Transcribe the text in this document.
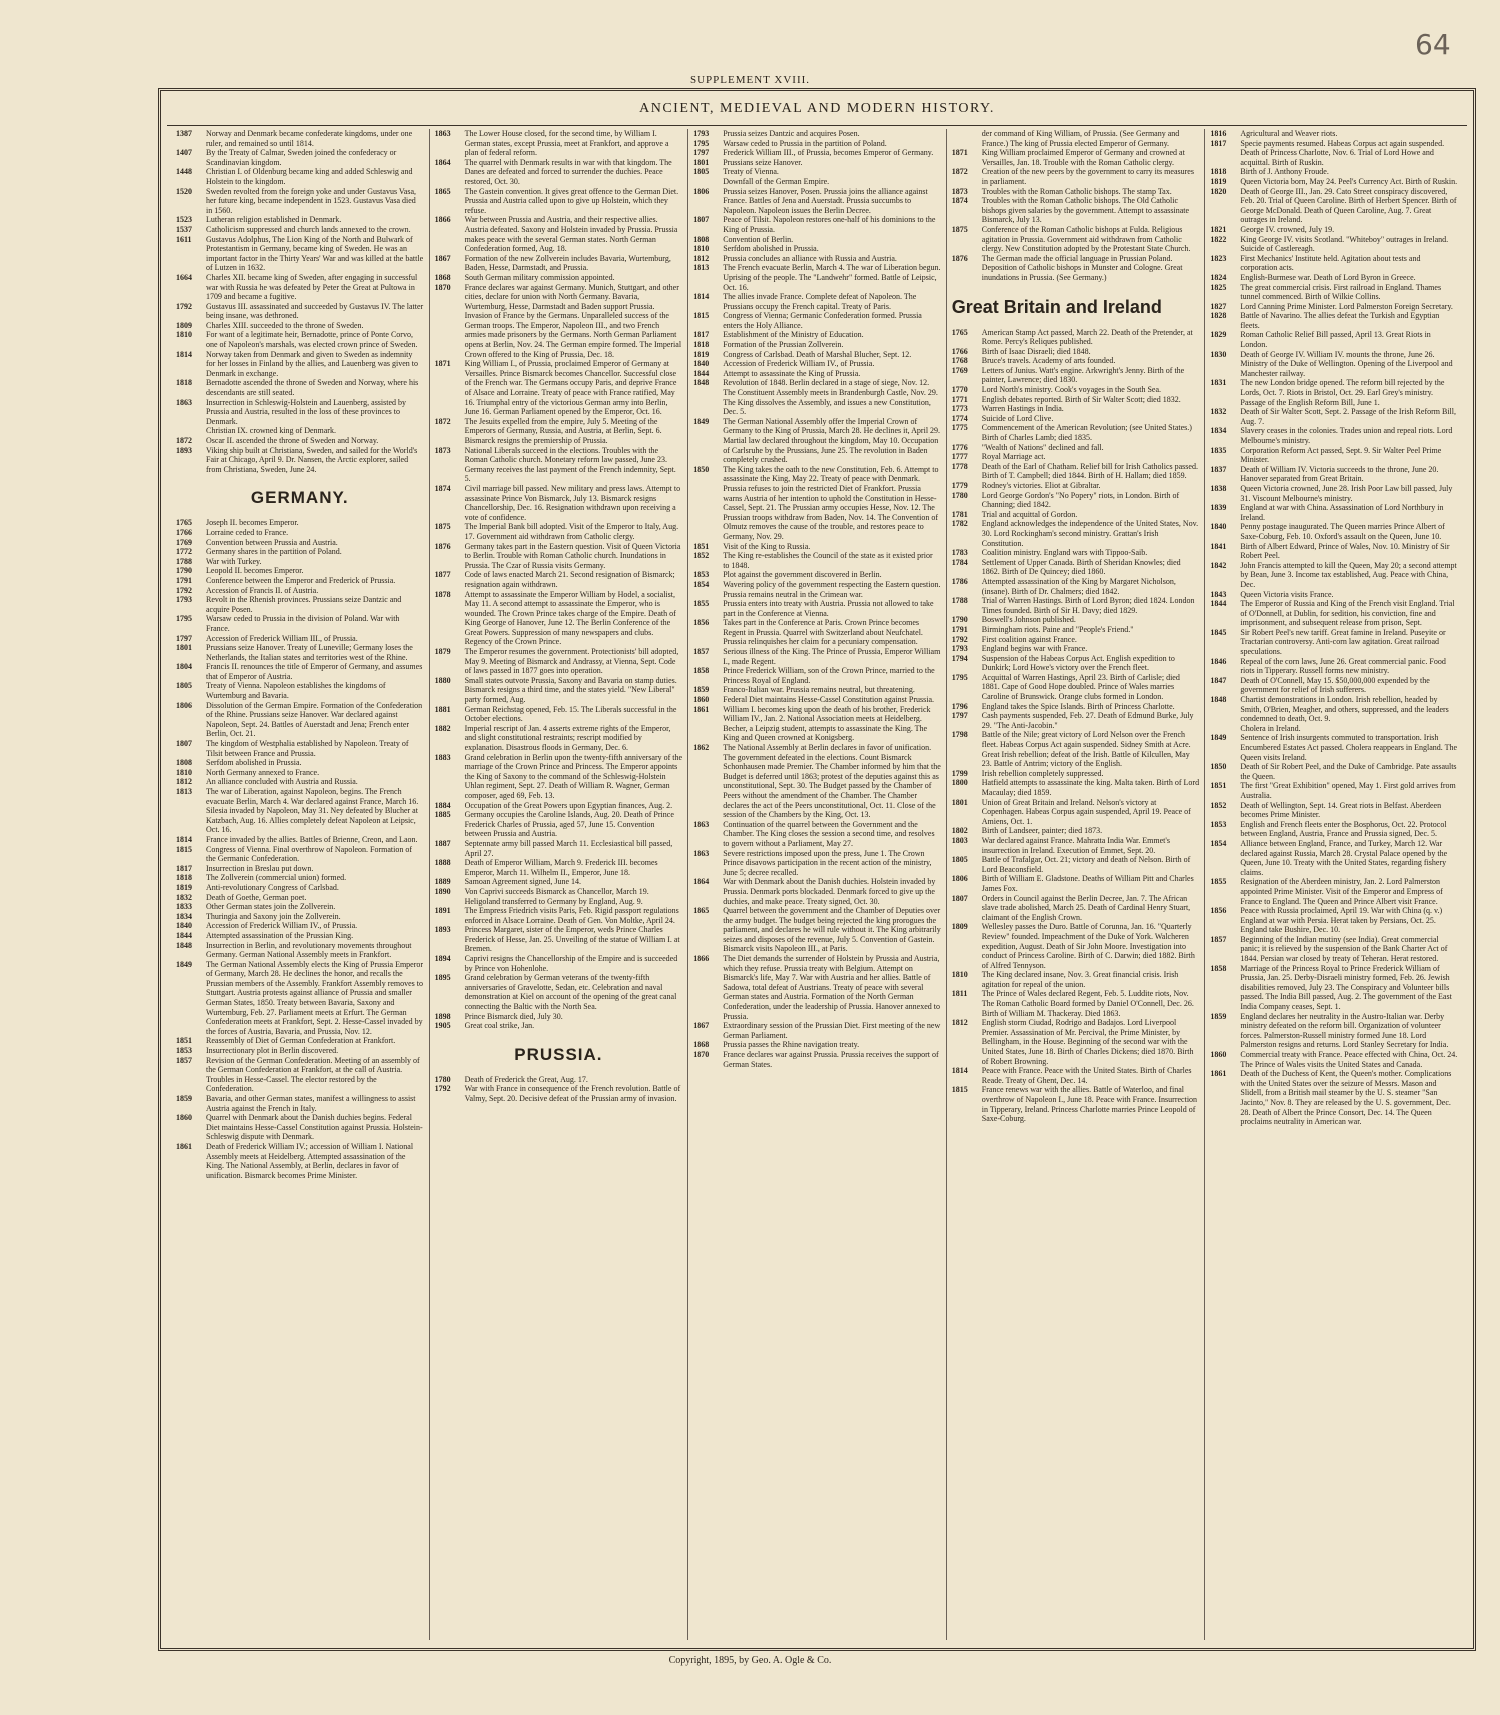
64
SUPPLEMENT XVIII.
ANCIENT, MEDIEVAL AND MODERN HISTORY.
1387	Norway and Denmark became confederate kingdoms, under one ruler, and remained so until 1814.
1407	By the Treaty of Calmar, Sweden joined the confederacy or Scandinavian kingdom.
1448	Christian I. of Oldenburg became king and added Schleswig and Holstein to the kingdom.
1520	Sweden revolted from the foreign yoke and under Gustavus Vasa, her future king, became independent in 1523. Gustavus Vasa died in 1560.
1523	Lutheran religion established in Denmark.
1537	Catholicism suppressed and church lands annexed to the crown.
1611	Gustavus Adolphus, The Lion King of the North and Bulwark of Protestantism in Germany, became king of Sweden. He was an important factor in the Thirty Years' War and was killed at the battle of Lutzen in 1632.
1664	Charles XII. became king of Sweden, after engaging in successful war with Russia he was defeated by Peter the Great at Pultowa in 1709 and became a fugitive.
1792	Gustavus III. assassinated and succeeded by Gustavus IV. The latter being insane, was dethroned.
1809	Charles XIII. succeeded to the throne of Sweden.
1810	For want of a legitimate heir, Bernadotte, prince of Ponte Corvo, one of Napoleon's marshals, was elected crown prince of Sweden.
1814	Norway taken from Denmark and given to Sweden as indemnity for her losses in Finland by the allies, and Lauenberg was given to Denmark in exchange.
1818	Bernadotte ascended the throne of Sweden and Norway, where his descendants are still seated.
1863	Insurrection in Schleswig-Holstein and Lauenberg, assisted by Prussia and Austria, resulted in the loss of these provinces to Denmark.
Christian IX. crowned king of Denmark.
1872	Oscar II. ascended the throne of Sweden and Norway.
1893	Viking ship built at Christiana, Sweden, and sailed for the World's Fair at Chicago, April 9. Dr. Nansen, the Arctic explorer, sailed from Christiana, Sweden, June 24.
GERMANY.
1765	Joseph II. becomes Emperor.
1766	Lorraine ceded to France.
1769	Convention between Prussia and Austria.
1772	Germany shares in the partition of Poland.
1788	War with Turkey.
1790	Leopold II. becomes Emperor.
1791	Conference between the Emperor and Frederick of Prussia.
1792	Accession of Francis II. of Austria.
1793	Revolt in the Rhenish provinces. Prussians seize Dantzic and acquire Posen.
1795	Warsaw ceded to Prussia in the division of Poland. War with France.
1797	Accession of Frederick William III., of Prussia.
1801	Prussians seize Hanover. Treaty of Luneville; Germany loses the Netherlands, the Italian states and territories west of the Rhine.
1804	Francis II. renounces the title of Emperor of Germany, and assumes that of Emperor of Austria.
1805	Treaty of Vienna. Napoleon establishes the kingdoms of Wurtemburg and Bavaria.
1806	Dissolution of the German Empire. Formation of the Confederation of the Rhine. Prussians seize Hanover. War declared against Napoleon, Sept. 24. Battles of Auerstadt and Jena; French enter Berlin, Oct. 21.
1807	The kingdom of Westphalia established by Napoleon. Treaty of Tilsit between France and Prussia.
1808	Serfdom abolished in Prussia.
1810	North Germany annexed to France.
1812	An alliance concluded with Austria and Russia.
1813	The war of Liberation, against Napoleon, begins. The French evacuate Berlin, March 4. War declared against France, March 16. Silesia invaded by Napoleon, May 31. Ney defeated by Blucher at Katzbach, Aug. 16. Allies completely defeat Napoleon at Leipsic, Oct. 16.
1814	France invaded by the allies. Battles of Brienne, Creon, and Laon.
1815	Congress of Vienna. Final overthrow of Napoleon. Formation of the Germanic Confederation.
1817	Insurrection in Breslau put down.
1818	The Zollverein (commercial union) formed.
1819	Anti-revolutionary Congress of Carlsbad.
1832	Death of Goethe, German poet.
1833	Other German states join the Zollverein.
1834	Thuringia and Saxony join the Zollverein.
1840	Accession of Frederick William IV., of Prussia.
1844	Attempted assassination of the Prussian King.
1848	Insurrection in Berlin, and revolutionary movements throughout Germany. German National Assembly meets in Frankfort.
1849	The German National Assembly elects the King of Prussia Emperor of Germany, March 28. He declines the honor, and recalls the Prussian members of the Assembly. Frankfort Assembly removes to Stuttgart. Austria protests against alliance of Prussia and smaller German States, 1850. Treaty between Bavaria, Saxony and Wurtemburg, Feb. 27. Parliament meets at Erfurt. The German Confederation meets at Frankfort, Sept. 2. Hesse-Cassel invaded by the forces of Austria, Bavaria, and Prussia, Nov. 12.
1851	Reassembly of Diet of German Confederation at Frankfort.
1853	Insurrectionary plot in Berlin discovered.
1857	Revision of the German Confederation. Meeting of an assembly of the German Confederation at Frankfort, at the call of Austria. Troubles in Hesse-Cassel. The elector restored by the Confederation.
1859	Bavaria, and other German states, manifest a willingness to assist Austria against the French in Italy.
1860	Quarrel with Denmark about the Danish duchies begins. Federal Diet maintains Hesse-Cassel Constitution against Prussia. Holstein-Schleswig dispute with Denmark.
1861	Death of Frederick William IV.; accession of William I. National Assembly meets at Heidelberg. Attempted assassination of the King. The National Assembly, at Berlin, declares in favor of unification. Bismarck becomes Prime Minister.
1863	The Lower House closed, for the second time, by William I. German states, except Prussia, meet at Frankfort, and approve a plan of federal reform.
1864	The quarrel with Denmark results in war with that kingdom. The Danes are defeated and forced to surrender the duchies. Peace restored, Oct. 30.
1865	The Gastein convention. It gives great offence to the German Diet. Prussia and Austria called upon to give up Holstein, which they refuse.
1866	War between Prussia and Austria, and their respective allies. Austria defeated. Saxony and Holstein invaded by Prussia. Prussia makes peace with the several German states. North German Confederation formed, Aug. 18.
1867	Formation of the new Zollverein includes Bavaria, Wurtemburg, Baden, Hesse, Darmstadt, and Prussia.
1868	South German military commission appointed.
1870	France declares war against Germany. Munich, Stuttgart, and other cities, declare for union with North Germany. Bavaria, Wurtemburg, Hesse, Darmstadt and Baden support Prussia. Invasion of France by the Germans. Unparalleled success of the German troops. The Emperor, Napoleon III., and two French armies made prisoners by the Germans. North German Parliament opens at Berlin, Nov. 24. The German empire formed. The Imperial Crown offered to the King of Prussia, Dec. 18.
1871	King William I., of Prussia, proclaimed Emperor of Germany at Versailles. Prince Bismarck becomes Chancellor. Successful close of the French war. The Germans occupy Paris, and deprive France of Alsace and Lorraine. Treaty of peace with France ratified, May 16. Triumphal entry of the victorious German army into Berlin, June 16. German Parliament opened by the Emperor, Oct. 16.
1872	The Jesuits expelled from the empire, July 5. Meeting of the Emperors of Germany, Russia, and Austria, at Berlin, Sept. 6. Bismarck resigns the premiership of Prussia.
1873	National Liberals succeed in the elections. Troubles with the Roman Catholic church. Monetary reform law passed, June 23. Germany receives the last payment of the French indemnity, Sept. 5.
1874	Civil marriage bill passed. New military and press laws. Attempt to assassinate Prince Von Bismarck, July 13. Bismarck resigns Chancellorship, Dec. 16. Resignation withdrawn upon receiving a vote of confidence.
1875	The Imperial Bank bill adopted. Visit of the Emperor to Italy, Aug. 17. Government aid withdrawn from Catholic clergy.
1876	Germany takes part in the Eastern question. Visit of Queen Victoria to Berlin. Trouble with Roman Catholic church. Inundations in Prussia. The Czar of Russia visits Germany.
1877	Code of laws enacted March 21. Second resignation of Bismarck; resignation again withdrawn.
1878	Attempt to assassinate the Emperor William by Hodel, a socialist, May 11. A second attempt to assassinate the Emperor, who is wounded. The Crown Prince takes charge of the Empire. Death of King George of Hanover, June 12. The Berlin Conference of the Great Powers. Suppression of many newspapers and clubs. Regency of the Crown Prince.
1879	The Emperor resumes the government. Protectionists' bill adopted, May 9. Meeting of Bismarck and Andrassy, at Vienna, Sept. Code of laws passed in 1877 goes into operation.
1880	Small states outvote Prussia, Saxony and Bavaria on stamp duties. Bismarck resigns a third time, and the states yield. "New Liberal" party formed, Aug.
1881	German Reichstag opened, Feb. 15. The Liberals successful in the October elections.
1882	Imperial rescript of Jan. 4 asserts extreme rights of the Emperor, and slight constitutional restraints; rescript modified by explanation. Disastrous floods in Germany, Dec. 6.
1883	Grand celebration in Berlin upon the twenty-fifth anniversary of the marriage of the Crown Prince and Princess. The Emperor appoints the King of Saxony to the command of the Schleswig-Holstein Uhlan regiment, Sept. 27. Death of William R. Wagner, German composer, aged 69, Feb. 13.
1884	Occupation of the Great Powers upon Egyptian finances, Aug. 2.
1885	Germany occupies the Caroline Islands, Aug. 20. Death of Prince Frederick Charles of Prussia, aged 57, June 15. Convention between Prussia and Austria.
1887	Septennate army bill passed March 11. Ecclesiastical bill passed, April 27.
1888	Death of Emperor William, March 9. Frederick III. becomes Emperor, March 11. Wilhelm II., Emperor, June 18.
1889	Samoan Agreement signed, June 14.
1890	Von Caprivi succeeds Bismarck as Chancellor, March 19. Heligoland transferred to Germany by England, Aug. 9.
1891	The Empress Friedrich visits Paris, Feb. Rigid passport regulations enforced in Alsace Lorraine. Death of Gen. Von Moltke, April 24.
1893	Princess Margaret, sister of the Emperor, weds Prince Charles Frederick of Hesse, Jan. 25. Unveiling of the statue of William I. at Bremen.
1894	Caprivi resigns the Chancellorship of the Empire and is succeeded by Prince von Hohenlohe.
1895	Grand celebration by German veterans of the twenty-fifth anniversaries of Gravelotte, Sedan, etc. Celebration and naval demonstration at Kiel on account of the opening of the great canal connecting the Baltic with the North Sea.
1898	Prince Bismarck died, July 30.
1905	Great coal strike, Jan.
PRUSSIA.
1780	Death of Frederick the Great, Aug. 17.
1792	War with France in consequence of the French revolution. Battle of Valmy, Sept. 20. Decisive defeat of the Prussian army of invasion.
1793	Prussia seizes Dantzic and acquires Posen.
1795	Warsaw ceded to Prussia in the partition of Poland.
1797	Frederick William III., of Prussia, becomes Emperor of Germany.
1801	Prussians seize Hanover.
1805	Treaty of Vienna.
Downfall of the German Empire.
1806	Prussia seizes Hanover, Posen. Prussia joins the alliance against France. Battles of Jena and Auerstadt. Prussia succumbs to Napoleon. Napoleon issues the Berlin Decree.
1807	Peace of Tilsit. Napoleon restores one-half of his dominions to the King of Prussia.
1808	Convention of Berlin.
1810	Serfdom abolished in Prussia.
1812	Prussia concludes an alliance with Russia and Austria.
1813	The French evacuate Berlin, March 4. The war of Liberation begun. Uprising of the people. The "Landwehr" formed. Battle of Leipsic, Oct. 16.
1814	The allies invade France. Complete defeat of Napoleon. The Prussians occupy the French capital. Treaty of Paris.
1815	Congress of Vienna; Germanic Confederation formed. Prussia enters the Holy Alliance.
1817	Establishment of the Ministry of Education.
1818	Formation of the Prussian Zollverein.
1819	Congress of Carlsbad. Death of Marshal Blucher, Sept. 12.
1840	Accession of Frederick William IV., of Prussia.
1844	Attempt to assassinate the King of Prussia.
1848	Revolution of 1848. Berlin declared in a stage of siege, Nov. 12. The Constituent Assembly meets in Brandenburgh Castle, Nov. 29. The King dissolves the Assembly, and issues a new Constitution, Dec. 5.
1849	The German National Assembly offer the Imperial Crown of Germany to the King of Prussia, March 28. He declines it, April 29. Martial law declared throughout the kingdom, May 10. Occupation of Carlsruhe by the Prussians, June 25. The revolution in Baden completely crushed.
1850	The King takes the oath to the new Constitution, Feb. 6. Attempt to assassinate the King, May 22. Treaty of peace with Denmark. Prussia refuses to join the restricted Diet of Frankfort. Prussia warns Austria of her intention to uphold the Constitution in Hesse-Cassel, Sept. 21. The Prussian army occupies Hesse, Nov. 12. The Prussian troops withdraw from Baden, Nov. 14. The Convention of Olmutz removes the cause of the trouble, and restores peace to Germany, Nov. 29.
1851	Visit of the King to Russia.
1852	The King re-establishes the Council of the state as it existed prior to 1848.
1853	Plot against the government discovered in Berlin.
1854	Wavering policy of the government respecting the Eastern question. Prussia remains neutral in the Crimean war.
1855	Prussia enters into treaty with Austria. Prussia not allowed to take part in the Conference at Vienna.
1856	Takes part in the Conference at Paris. Crown Prince becomes Regent in Prussia. Quarrel with Switzerland about Neufchatel. Prussia relinquishes her claim for a pecuniary compensation.
1857	Serious illness of the King. The Prince of Prussia, Emperor William I., made Regent.
1858	Prince Frederick William, son of the Crown Prince, married to the Princess Royal of England.
1859	Franco-Italian war. Prussia remains neutral, but threatening.
1860	Federal Diet maintains Hesse-Cassel Constitution against Prussia.
1861	William I. becomes king upon the death of his brother, Frederick William IV., Jan. 2. National Association meets at Heidelberg. Becher, a Leipzig student, attempts to assassinate the King. The King and Queen crowned at Konigsberg.
1862	The National Assembly at Berlin declares in favor of unification. The government defeated in the elections. Count Bismarck Schonhausen made Premier. The Chamber informed by him that the Budget is deferred until 1863; protest of the deputies against this as unconstitutional, Sept. 30. The Budget passed by the Chamber of Peers without the amendment of the Chamber. The Chamber declares the act of the Peers unconstitutional, Oct. 11. Close of the session of the Chambers by the King, Oct. 13.
1863	Continuation of the quarrel between the Government and the Chamber. The King closes the session a second time, and resolves to govern without a Parliament, May 27.
1863	Severe restrictions imposed upon the press, June 1. The Crown Prince disavows participation in the recent action of the ministry, June 5; decree recalled.
1864	War with Denmark about the Danish duchies. Holstein invaded by Prussia. Denmark ports blockaded. Denmark forced to give up the duchies, and make peace. Treaty signed, Oct. 30.
1865	Quarrel between the government and the Chamber of Deputies over the army budget. The budget being rejected the king prorogues the parliament, and declares he will rule without it. The King arbitrarily seizes and disposes of the revenue, July 5. Convention of Gastein. Bismarck visits Napoleon III., at Paris.
1866	The Diet demands the surrender of Holstein by Prussia and Austria, which they refuse. Prussia treaty with Belgium. Attempt on Bismarck's life, May 7. War with Austria and her allies. Battle of Sadowa, total defeat of Austrians. Treaty of peace with several German states and Austria. Formation of the North German Confederation, under the leadership of Prussia. Hanover annexed to Prussia.
1867	Extraordinary session of the Prussian Diet. First meeting of the new German Parliament.
1868	Prussia passes the Rhine navigation treaty.
1870	France declares war against Prussia. Prussia receives the support of German States.
der command of King William, of Prussia. (See Germany and France.) The king of Prussia elected Emperor of Germany.
1871	King William proclaimed Emperor of Germany and crowned at Versailles, Jan. 18. Trouble with the Roman Catholic clergy.
1872	Creation of the new peers by the government to carry its measures in parliament.
1873	Troubles with the Roman Catholic bishops. The stamp Tax.
1874	Troubles with the Roman Catholic bishops. The Old Catholic bishops given salaries by the government. Attempt to assassinate Bismarck, July 13.
1875	Conference of the Roman Catholic bishops at Fulda. Religious agitation in Prussia. Government aid withdrawn from Catholic clergy. New Constitution adopted by the Protestant State Church.
1876	The German made the official language in Prussian Poland. Deposition of Catholic bishops in Munster and Cologne. Great inundations in Prussia. (See Germany.)
Great Britain and Ireland
1765	American Stamp Act passed, March 22. Death of the Pretender, at Rome. Percy's Reliques published.
1766	Birth of Isaac Disraeli; died 1848.
1768	Bruce's travels. Academy of arts founded.
1769	Letters of Junius. Watt's engine. Arkwright's Jenny. Birth of the painter, Lawrence; died 1830.
1770	Lord North's ministry. Cook's voyages in the South Sea.
1771	English debates reported. Birth of Sir Walter Scott; died 1832.
1773	Warren Hastings in India.
1774	Suicide of Lord Clive.
1775	Commencement of the American Revolution; (see United States.) Birth of Charles Lamb; died 1835.
1776	"Wealth of Nations" declined and fall.
1777	Royal Marriage act.
1778	Death of the Earl of Chatham. Relief bill for Irish Catholics passed. Birth of T. Campbell; died 1844. Birth of H. Hallam; died 1859.
1779	Rodney's victories. Eliot at Gibraltar.
1780	Lord George Gordon's "No Popery" riots, in London. Birth of Channing; died 1842.
1781	Trial and acquittal of Gordon.
1782	England acknowledges the independence of the United States, Nov. 30. Lord Rockingham's second ministry. Grattan's Irish Constitution.
1783	Coalition ministry. England wars with Tippoo-Saib.
1784	Settlement of Upper Canada. Birth of Sheridan Knowles; died 1862. Birth of De Quincey; died 1860.
1786	Attempted assassination of the King by Margaret Nicholson, (insane). Birth of Dr. Chalmers; died 1842.
1788	Trial of Warren Hastings. Birth of Lord Byron; died 1824. London Times founded. Birth of Sir H. Davy; died 1829.
1790	Boswell's Johnson published.
1791	Birmingham riots. Paine and "People's Friend."
1792	First coalition against France.
1793	England begins war with France.
1794	Suspension of the Habeas Corpus Act. English expedition to Dunkirk; Lord Howe's victory over the French fleet.
1795	Acquittal of Warren Hastings, April 23. Birth of Carlisle; died 1881. Cape of Good Hope doubled. Prince of Wales marries Caroline of Brunswick. Orange clubs formed in London.
1796	England takes the Spice Islands. Birth of Princess Charlotte.
1797	Cash payments suspended, Feb. 27. Death of Edmund Burke, July 29. "The Anti-Jacobin."
1798	Battle of the Nile; great victory of Lord Nelson over the French fleet. Habeas Corpus Act again suspended. Sidney Smith at Acre. Great Irish rebellion; defeat of the Irish. Battle of Kilcullen, May 23. Battle of Antrim; victory of the English.
1799	Irish rebellion completely suppressed.
1800	Hatfield attempts to assassinate the king. Malta taken. Birth of Lord Macaulay; died 1859.
1801	Union of Great Britain and Ireland. Nelson's victory at Copenhagen. Habeas Corpus again suspended, April 19. Peace of Amiens, Oct. 1.
1802	Birth of Landseer, painter; died 1873.
1803	War declared against France. Mahratta India War. Emmet's insurrection in Ireland. Execution of Emmet, Sept. 20.
1805	Battle of Trafalgar, Oct. 21; victory and death of Nelson. Birth of Lord Beaconsfield.
1806	Birth of William E. Gladstone. Deaths of William Pitt and Charles James Fox.
1807	Orders in Council against the Berlin Decree, Jan. 7. The African slave trade abolished, March 25. Death of Cardinal Henry Stuart, claimant of the English Crown.
1809	Wellesley passes the Duro. Battle of Corunna, Jan. 16. "Quarterly Review" founded. Impeachment of the Duke of York. Walcheren expedition, August. Death of Sir John Moore. Investigation into conduct of Princess Caroline. Birth of C. Darwin; died 1882. Birth of Alfred Tennyson.
1810	The King declared insane, Nov. 3. Great financial crisis. Irish agitation for repeal of the union.
1811	The Prince of Wales declared Regent, Feb. 5. Luddite riots, Nov. The Roman Catholic Board formed by Daniel O'Connell, Dec. 26. Birth of William M. Thackeray. Died 1863.
1812	English storm Ciudad, Rodrigo and Badajos. Lord Liverpool Premier. Assassination of Mr. Percival, the Prime Minister, by Bellingham, in the House. Beginning of the second war with the United States, June 18. Birth of Charles Dickens; died 1870. Birth of Robert Browning.
1814	Peace with France. Peace with the United States. Birth of Charles Reade. Treaty of Ghent, Dec. 14.
1815	France renews war with the allies. Battle of Waterloo, and final overthrow of Napoleon I., June 18. Peace with France. Insurrection in Tipperary, Ireland. Princess Charlotte marries Prince Leopold of Saxe-Coburg.
1816	Agricultural and Weaver riots.
1817	Specie payments resumed. Habeas Corpus act again suspended. Death of Princess Charlotte, Nov. 6. Trial of Lord Howe and acquittal. Birth of Ruskin.
1818	Birth of J. Anthony Froude.
1819	Queen Victoria born, May 24. Peel's Currency Act. Birth of Ruskin.
1820	Death of George III., Jan. 29. Cato Street conspiracy discovered, Feb. 20. Trial of Queen Caroline. Birth of Herbert Spencer. Birth of George McDonald. Death of Queen Caroline, Aug. 7. Great outrages in Ireland.
1821	George IV. crowned, July 19.
1822	King George IV. visits Scotland. "Whiteboy" outrages in Ireland. Suicide of Castlereagh.
1823	First Mechanics' Institute held. Agitation about tests and corporation acts.
1824	English-Burmese war. Death of Lord Byron in Greece.
1825	The great commercial crisis. First railroad in England. Thames tunnel commenced. Birth of Wilkie Collins.
1827	Lord Canning Prime Minister. Lord Palmerston Foreign Secretary.
1828	Battle of Navarino. The allies defeat the Turkish and Egyptian fleets.
1829	Roman Catholic Relief Bill passed, April 13. Great Riots in London.
1830	Death of George IV. William IV. mounts the throne, June 26. Ministry of the Duke of Wellington. Opening of the Liverpool and Manchester railway.
1831	The new London bridge opened. The reform bill rejected by the Lords, Oct. 7. Riots in Bristol, Oct. 29. Earl Grey's ministry. Passage of the English Reform Bill, June 1.
1832	Death of Sir Walter Scott, Sept. 2. Passage of the Irish Reform Bill, Aug. 7.
1834	Slavery ceases in the colonies. Trades union and repeal riots. Lord Melbourne's ministry.
1835	Corporation Reform Act passed, Sept. 9. Sir Walter Peel Prime Minister.
1837	Death of William IV. Victoria succeeds to the throne, June 20. Hanover separated from Great Britain.
1838	Queen Victoria crowned, June 28. Irish Poor Law bill passed, July 31. Viscount Melbourne's ministry.
1839	England at war with China. Assassination of Lord Northbury in Ireland.
1840	Penny postage inaugurated. The Queen marries Prince Albert of Saxe-Coburg, Feb. 10. Oxford's assault on the Queen, June 10.
1841	Birth of Albert Edward, Prince of Wales, Nov. 10. Ministry of Sir Robert Peel.
1842	John Francis attempted to kill the Queen, May 20; a second attempt by Bean, June 3. Income tax established, Aug. Peace with China, Dec.
1843	Queen Victoria visits France.
1844	The Emperor of Russia and King of the French visit England. Trial of O'Donnell, at Dublin, for sedition, his conviction, fine and imprisonment, and subsequent release from prison, Sept.
1845	Sir Robert Peel's new tariff. Great famine in Ireland. Puseyite or Tractarian controversy. Anti-corn law agitation. Great railroad speculations.
1846	Repeal of the corn laws, June 26. Great commercial panic. Food riots in Tipperary. Russell forms new ministry.
1847	Death of O'Connell, May 15. $50,000,000 expended by the government for relief of Irish sufferers.
1848	Chartist demonstrations in London. Irish rebellion, headed by Smith, O'Brien, Meagher, and others, suppressed, and the leaders condemned to death, Oct. 9.
Cholera in Ireland.
1849	Sentence of Irish insurgents commuted to transportation. Irish Encumbered Estates Act passed. Cholera reappears in England. The Queen visits Ireland.
1850	Death of Sir Robert Peel, and the Duke of Cambridge. Pate assaults the Queen.
1851	The first "Great Exhibition" opened, May 1. First gold arrives from Australia.
1852	Death of Wellington, Sept. 14. Great riots in Belfast. Aberdeen becomes Prime Minister.
1853	English and French fleets enter the Bosphorus, Oct. 22. Protocol between England, Austria, France and Prussia signed, Dec. 5.
1854	Alliance between England, France, and Turkey, March 12. War declared against Russia, March 28. Crystal Palace opened by the Queen, June 10. Treaty with the United States, regarding fishery claims.
1855	Resignation of the Aberdeen ministry, Jan. 2. Lord Palmerston appointed Prime Minister. Visit of the Emperor and Empress of France to England. The Queen and Prince Albert visit France.
1856	Peace with Russia proclaimed, April 19. War with China (q. v.) England at war with Persia. Herat taken by Persians, Oct. 25. England take Bushire, Dec. 10.
1857	Beginning of the Indian mutiny (see India). Great commercial panic; it is relieved by the suspension of the Bank Charter Act of 1844. Persian war closed by treaty of Teheran. Herat restored.
1858	Marriage of the Princess Royal to Prince Frederick William of Prussia, Jan. 25. Derby-Disraeli ministry formed, Feb. 26. Jewish disabilities removed, July 23. The Conspiracy and Volunteer bills passed. The India Bill passed, Aug. 2. The government of the East India Company ceases, Sept. 1.
1859	England declares her neutrality in the Austro-Italian war. Derby ministry defeated on the reform bill. Organization of volunteer forces. Palmerston-Russell ministry formed June 18. Lord Palmerston resigns and returns. Lord Stanley Secretary for India.
1860	Commercial treaty with France. Peace effected with China, Oct. 24. The Prince of Wales visits the United States and Canada.
1861	Death of the Duchess of Kent, the Queen's mother. Complications with the United States over the seizure of Messrs. Mason and Slidell, from a British mail steamer by the U. S. steamer "San Jacinto," Nov. 8. They are released by the U. S. government, Dec. 28. Death of Albert the Prince Consort, Dec. 14. The Queen proclaims neutrality in American war.
Copyright, 1895, by Geo. A. Ogle & Co.
